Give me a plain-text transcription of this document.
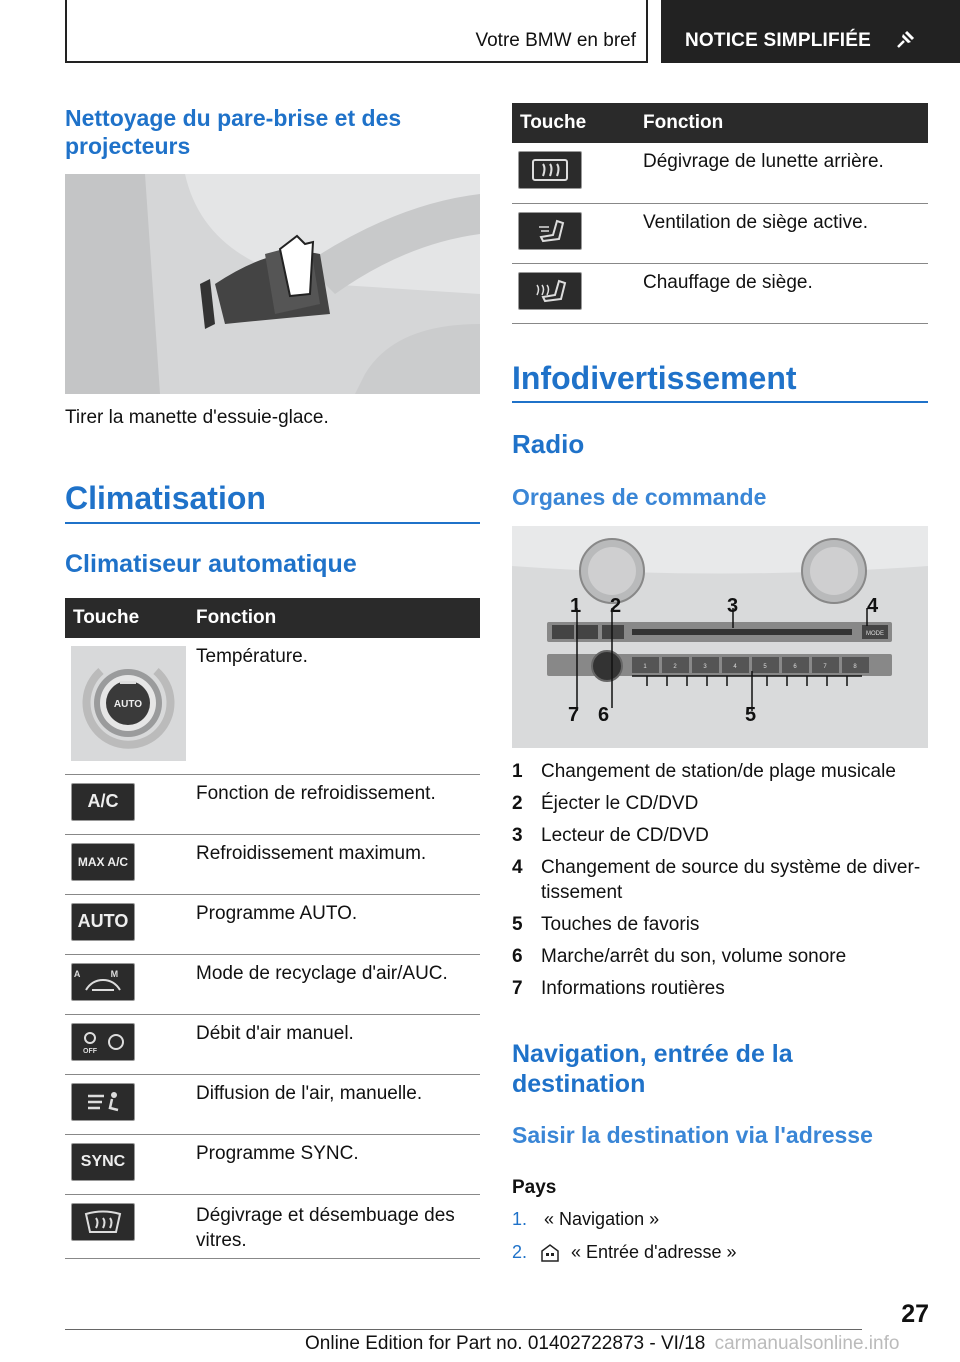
Votre BMW en bref	NOTICE SIMPLIFIÉE
Nettoyage du pare-brise et des projecteurs
Tirer la manette d'essuie-glace.
Climatisation
Climatiseur automatique
Touche	Fonction

AUTO	Température.

A/C	Fonction de refroidissement.

MAX A/C	Refroidissement maximum.

AUTO	Programme AUTO.

A M	Mode de recyclage d'air/AUC.

OFF	Débit d'air manuel.

	Diffusion de l'air, manuelle.

SYNC	Programme SYNC.

	Dégivrage et désembuage des vitres.
Touche	Fonction

	Dégivrage de lunette arrière.

	Ventilation de siège active.

	Chauffage de siège.
Infodivertissement
Radio
Organes de commande
MODE
1	2	3	4	5	6	7	8
1 2	3	4
5
6
7
1 Changement de station/de plage musicale
2 Éjecter le CD/DVD
3 Lecteur de CD/DVD
4 Changement de source du système de divertissement
5 Touches de favoris
6 Marche/arrêt du son, volume sonore
7 Informations routières
Navigation, entrée de la destination
Saisir la destination via l'adresse
Pays
1. « Navigation »
2. « Entrée d'adresse »
27
Online Edition for Part no. 01402722873 - VI/18 carmanualsonline.info
